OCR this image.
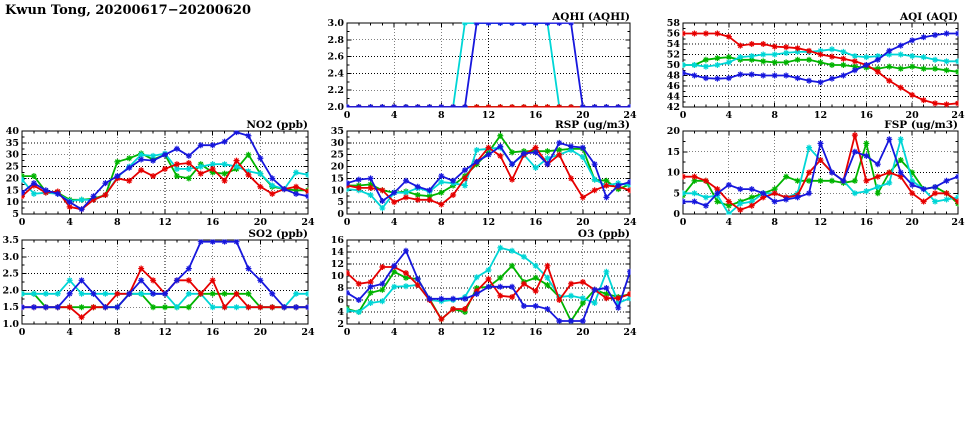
Kwun Tong, 20200617−20200620
0	4	8	12	16	20	24
2.0
2.2
2.4
2.6
2.8
3.0
AQHI (AQHI)
0	4	8	12	16	20	24
42
44
46
48
50
52
54
56
58
AQI (AQI)
0	4	8	12	16	20	24
5
10
15
20
25
30
35
40
NO2 (ppb)
0	4	8	12	16	20	24
0
5
10
15
20
25
30
35
RSP (ug/m3)
0	4	8	12	16	20	24
0
5
10
15
20
FSP (ug/m3)
0	4	8	12	16	20	24
1.0
1.5
2.0
2.5
3.0
3.5
SO2 (ppb)
0	4	8	12	16	20	24
2
4
6
8
10
12
14
16
O3 (ppb)
